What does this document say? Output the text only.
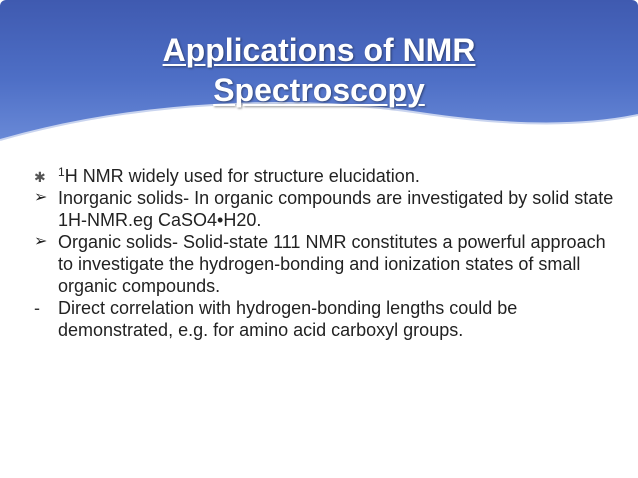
Applications of NMR
Spectroscopy
✱	$^1$H NMR widely used for structure elucidation.
➢ Inorganic solids- In organic compounds are investigated by solid state 1H-NMR.eg CaSO4•H20.
➢ Organic solids- Solid-state 111 NMR constitutes a powerful approach to investigate the hydrogen-bonding and ionization states of small organic compounds.
-	Direct correlation with hydrogen-bonding lengths could be demonstrated, e.g. for amino acid carboxyl groups.
